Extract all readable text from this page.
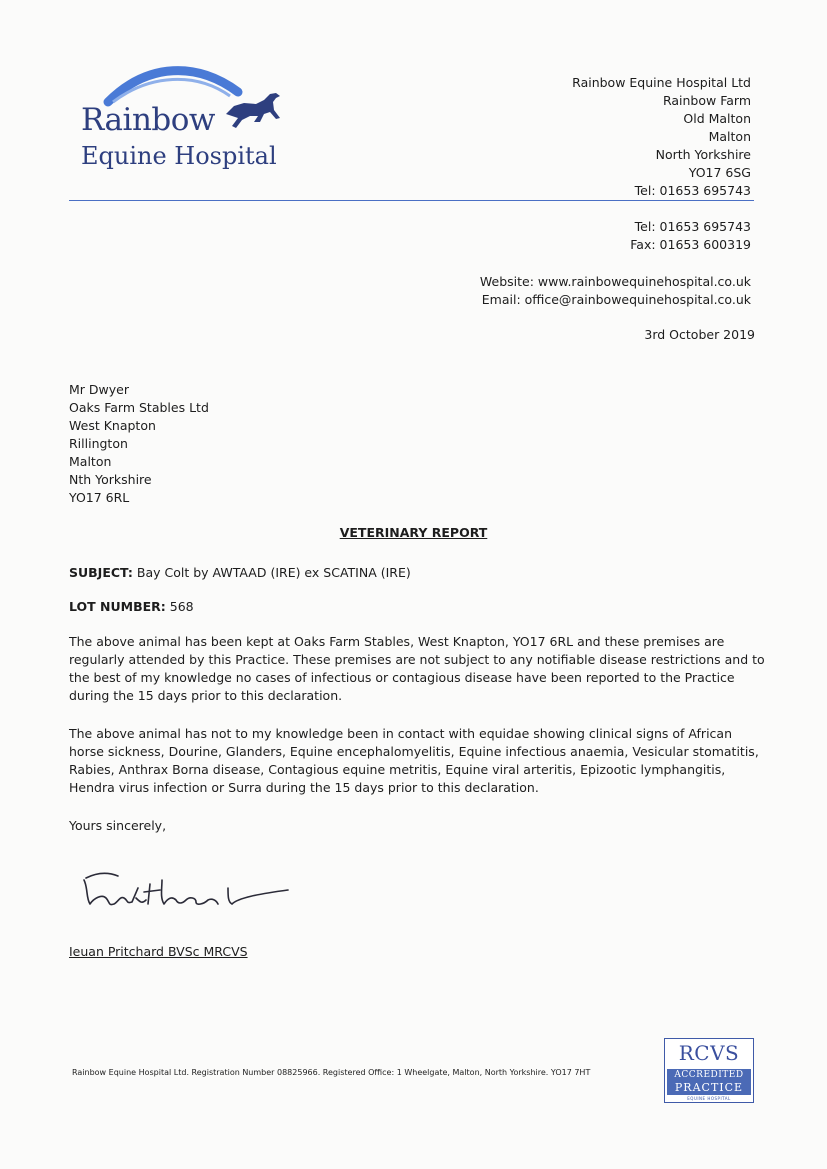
Rainbow
Equine Hospital
Rainbow Equine Hospital Ltd
Rainbow Farm
Old Malton
Malton
North Yorkshire
YO17 6SG
Tel: 01653 695743
Tel: 01653 695743
Fax: 01653 600319
Website: www.rainbowequinehospital.co.uk
Email: office@rainbowequinehospital.co.uk
3rd October 2019
Mr Dwyer
Oaks Farm Stables Ltd
West Knapton
Rillington
Malton
Nth Yorkshire
YO17 6RL
VETERINARY REPORT
SUBJECT: Bay Colt by AWTAAD (IRE) ex SCATINA (IRE)
LOT NUMBER: 568
The above animal has been kept at Oaks Farm Stables, West Knapton, YO17 6RL and these premises are regularly attended by this Practice. These premises are not subject to any notifiable disease restrictions and to the best of my knowledge no cases of infectious or contagious disease have been reported to the Practice during the 15 days prior to this declaration.
The above animal has not to my knowledge been in contact with equidae showing clinical signs of African horse sickness, Dourine, Glanders, Equine encephalomyelitis, Equine infectious anaemia, Vesicular stomatitis, Rabies, Anthrax Borna disease, Contagious equine metritis, Equine viral arteritis, Epizootic lymphangitis, Hendra virus infection or Surra during the 15 days prior to this declaration.
Yours sincerely,
Ieuan Pritchard BVSc MRCVS
Rainbow Equine Hospital Ltd. Registration Number 08825966. Registered Office: 1 Wheelgate, Malton, North Yorkshire. YO17 7HT
RCVS
ACCREDITED
PRACTICE
EQUINE HOSPITAL
